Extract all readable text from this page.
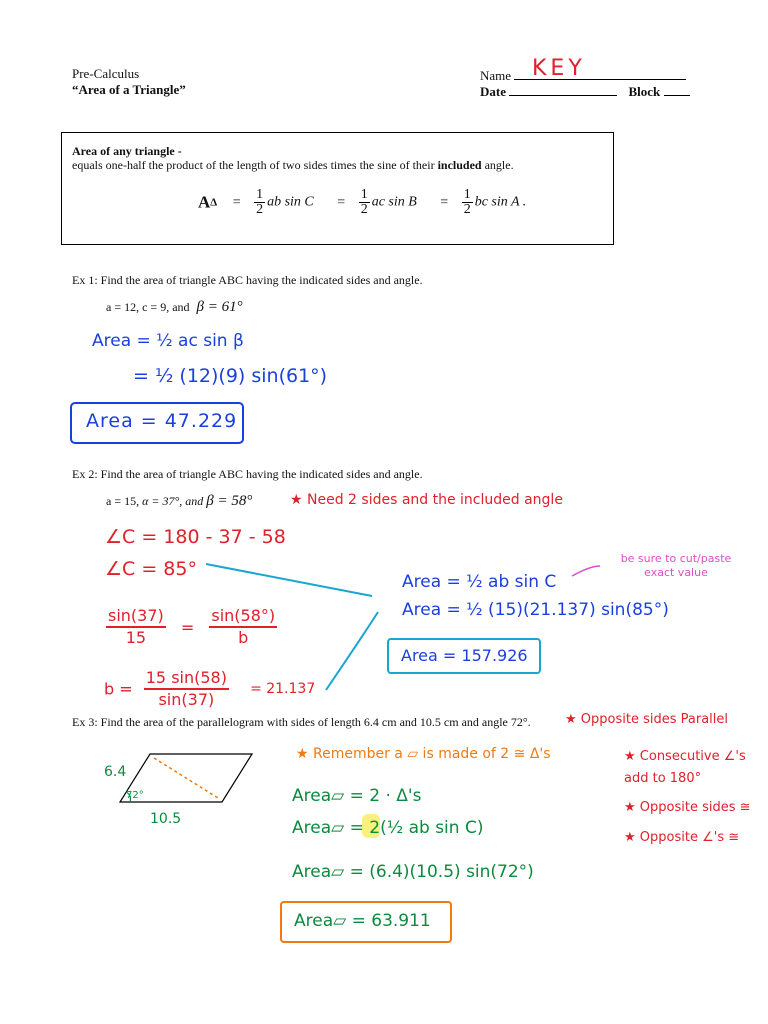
Pre-Calculus
“Area of a Triangle”
Name KEY
Date	Block
Area of any triangle -
equals one-half the product of the length of two sides times the sine of their included angle.
$A\Delta = \frac{1}{2}$ ab $\sin C = \frac{1}{2}$ ac $\sin B = \frac{1}{2}$ bc sin A .
Ex 1: Find the area of triangle ABC having the indicated sides and angle.
a = 12, c = 9, and β = 61°
Area = ½ ac sin β
= ½ (12)(9) sin(61°)
Area = 47.229
Ex 2: Find the area of triangle ABC having the indicated sides and angle.
a = 15, α = 37°, and β = 58°	★ Need 2 sides and the included angle
∠C = 180 - 37 - 58
∠C = 85°
$\frac{\sin(37)}{15} = \frac{\sin(58^\circ)}{b}$
$b = \frac{15 \sin(58)}{\sin(37)} = 21.137$
Area = ½ ab sin C
Area = ½ (15)(21.137) sin(85°)
Area = 157.926
be sure to cut/paste exact value
Ex 3: Find the area of the parallelogram with sides of length 6.4 cm and 10.5 cm and angle 72°.	★ Opposite sides Parallel
6.4
72°
10.5
★ Remember a ▱ is made of 2 ≅ Δ's
Area▱ = 2 · Δ's
Area▱ = 2(½ ab sin C)
Area▱ = (6.4)(10.5) sin(72°)
Area▱ = 63.911
★ Consecutive ∠'s add to 180°
★ Opposite sides ≅
★ Opposite ∠'s ≅
